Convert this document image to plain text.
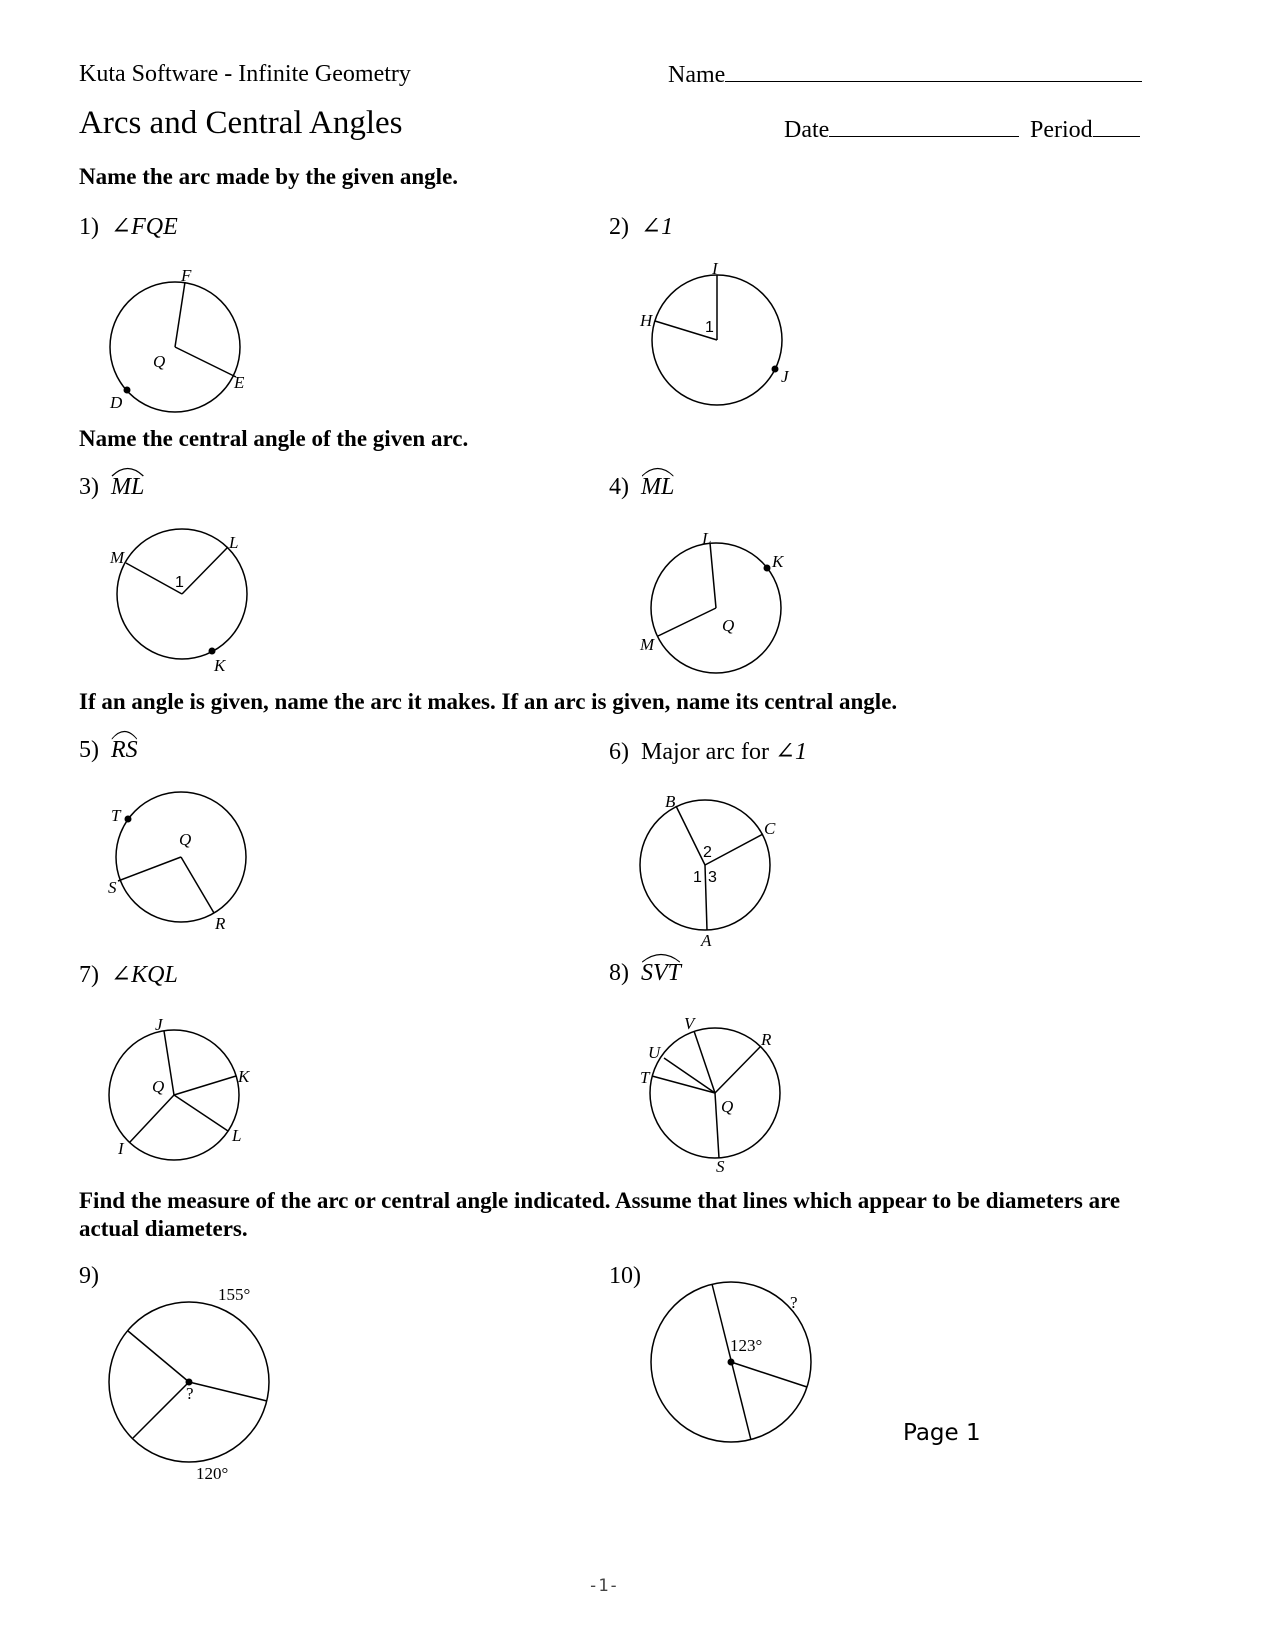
Kuta Software - Infinite Geometry	Name
Arcs and Central Angles	Date	Period
Name the arc made by the given angle.
1) ∠FQE
F
Q
E
D
2) ∠1
I
H	1
J
Name the central angle of the given arc.
3) ML
M
L
1
K
4) ML
L
K
Q
M
If an angle is given, name the arc it makes. If an arc is given, name its central angle.
5) RS
T
Q
S
R
6) Major arc for ∠1
B
C
2
1 3
A
7) ∠KQL
J
K
Q
I
L
8) SVT
V
R
U
T
Q
S
Find the measure of the arc or central angle indicated. Assume that lines which appear to be diameters are actual diameters.
9)
155°
?
120°
10)
?
123°
Page 1
-1-
